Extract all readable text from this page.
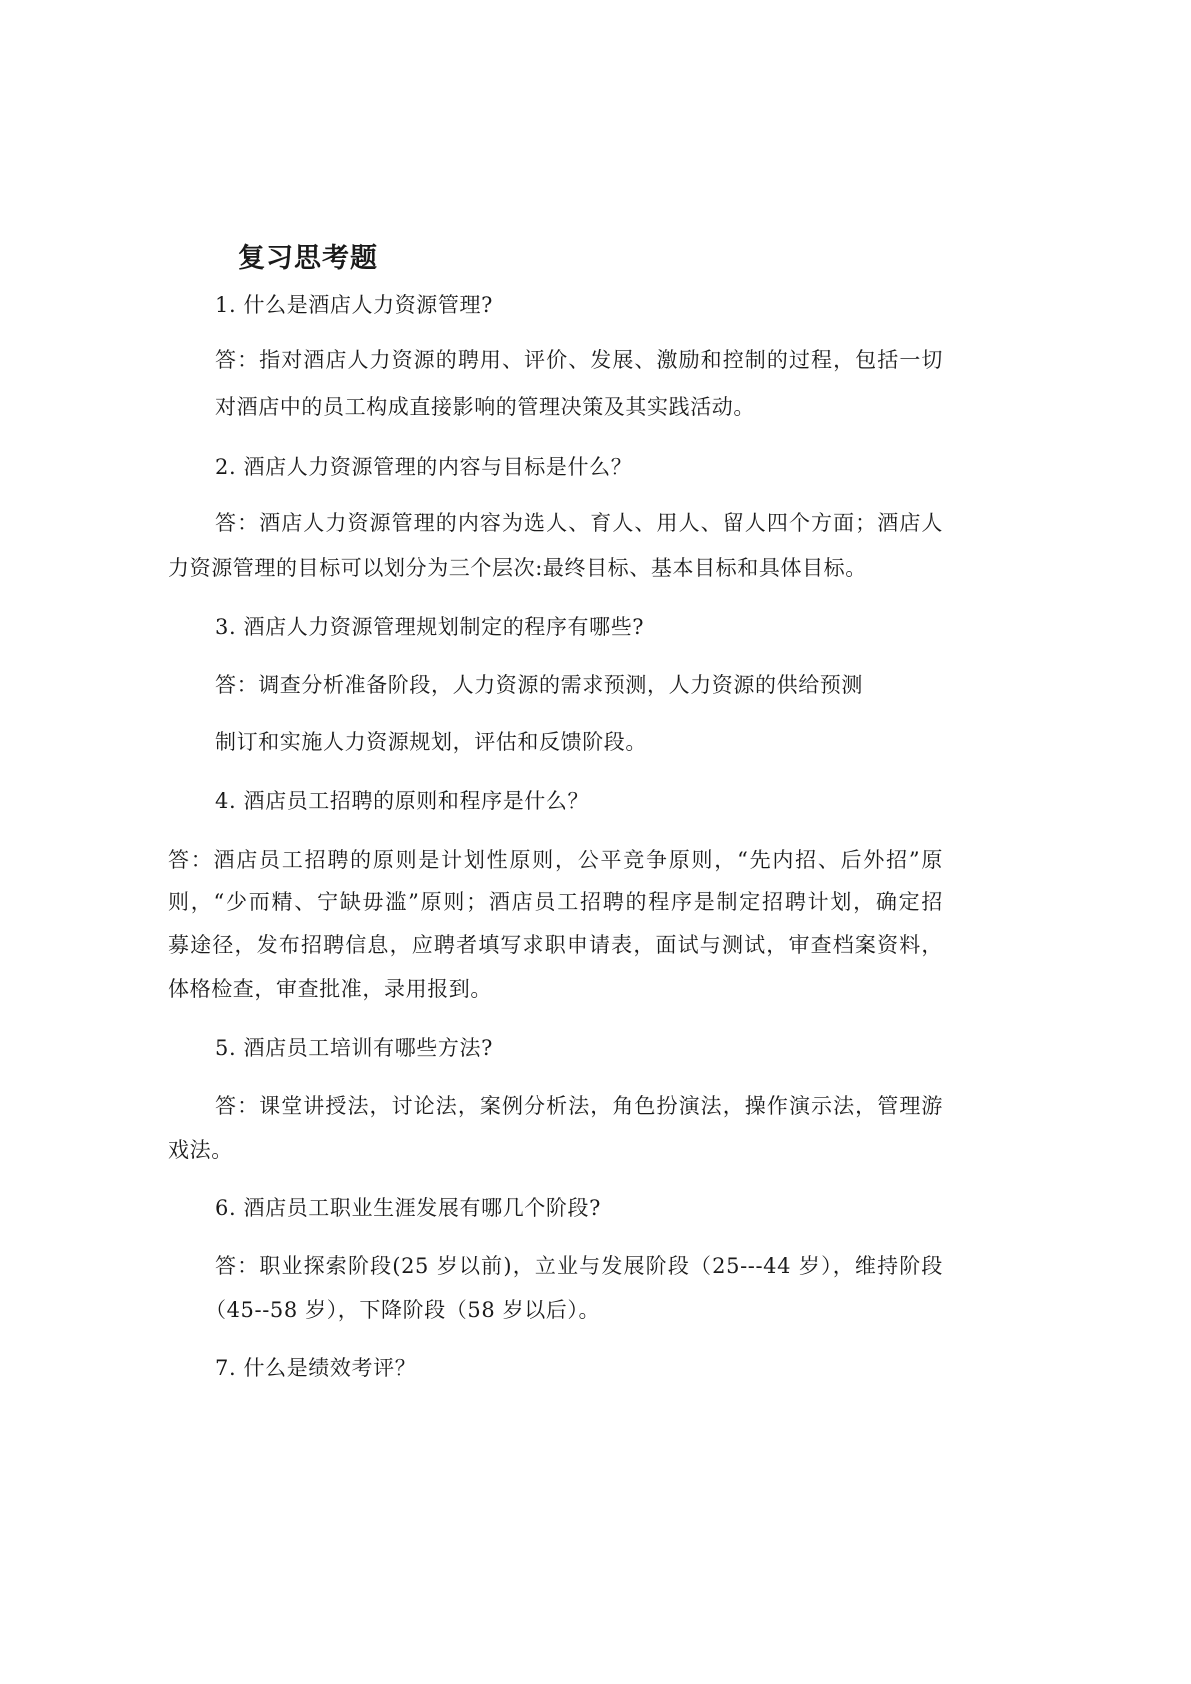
复习思考题

1. 什么是酒店人力资源管理?

答：指对酒店人力资源的聘用、评价、发展、激励和控制的过程，包括一切

对酒店中的员工构成直接影响的管理决策及其实践活动。

2. 酒店人力资源管理的内容与目标是什么？

答：酒店人力资源管理的内容为选人、育人、用人、留人四个方面；酒店人

力资源管理的目标可以划分为三个层次:最终目标、基本目标和具体目标。

3. 酒店人力资源管理规划制定的程序有哪些?

答：调查分析准备阶段，人力资源的需求预测，人力资源的供给预测

制订和实施人力资源规划，评估和反馈阶段。

4. 酒店员工招聘的原则和程序是什么？

答：酒店员工招聘的原则是计划性原则，公平竞争原则，“先内招、后外招”原

则，“少而精、宁缺毋滥”原则；酒店员工招聘的程序是制定招聘计划，确定招

募途径，发布招聘信息，应聘者填写求职申请表，面试与测试，审查档案资料，

体格检查，审查批准，录用报到。

5. 酒店员工培训有哪些方法?

答：课堂讲授法，讨论法，案例分析法，角色扮演法，操作演示法，管理游

戏法。

6. 酒店员工职业生涯发展有哪几个阶段?

答：职业探索阶段(25 岁以前)，立业与发展阶段（25---44 岁），维持阶段

（45--58 岁），下降阶段（58 岁以后）。

7. 什么是绩效考评？
